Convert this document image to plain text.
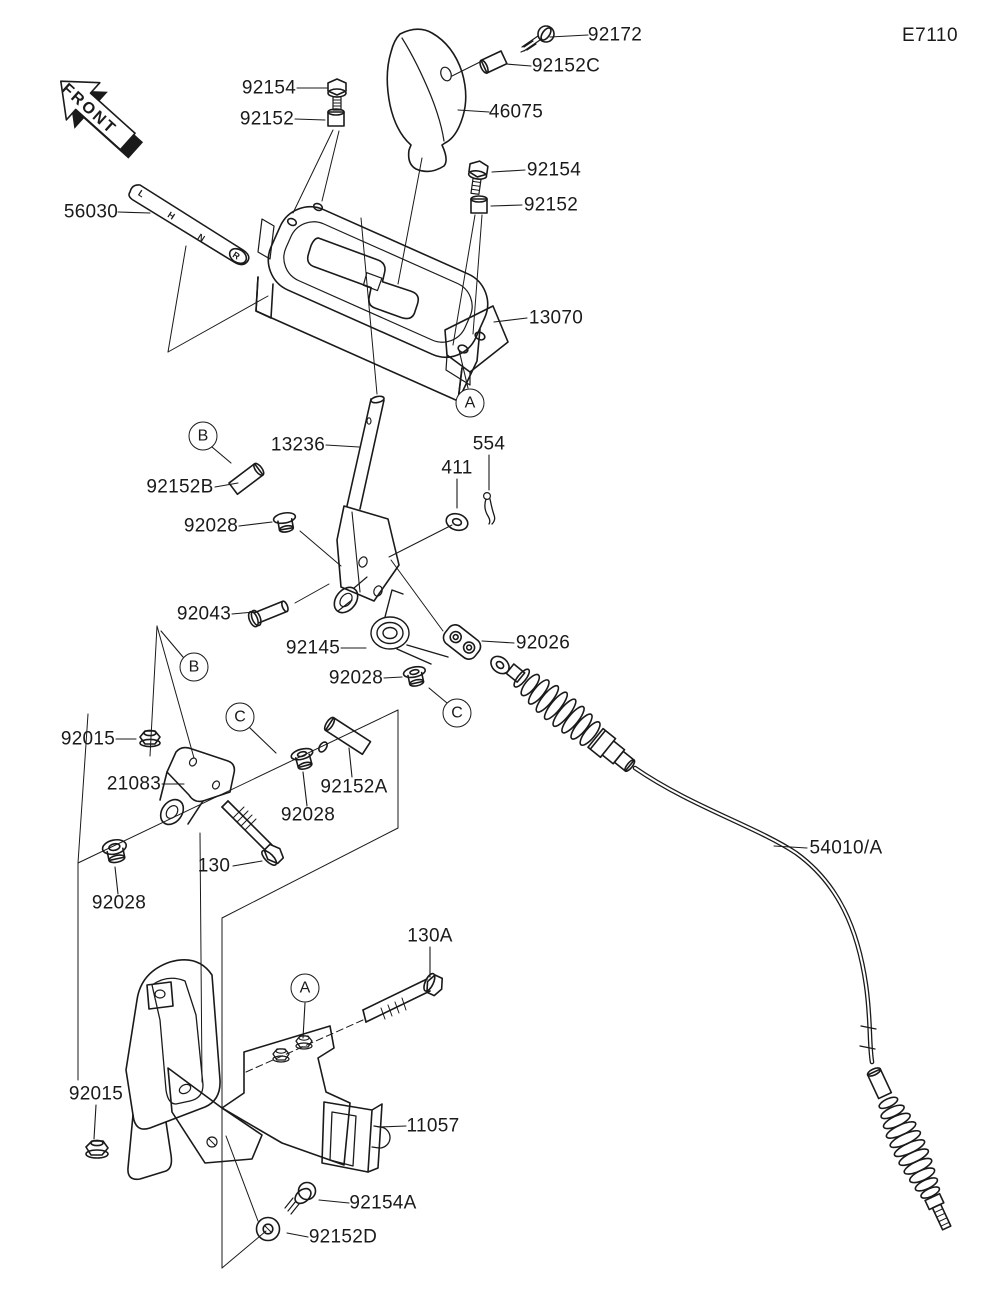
FRONT
E7110
92172
92152C
46075
92154
92152
56030
92154
92152
13070
13236	554
411
92152B
92028
92043
92145	92026
92028
92015
21083	92152A
92028
130
92028
130A
92015
11057
92154A
92152D
54010/A
A
B
B
C	C
A
L
H
N
R
